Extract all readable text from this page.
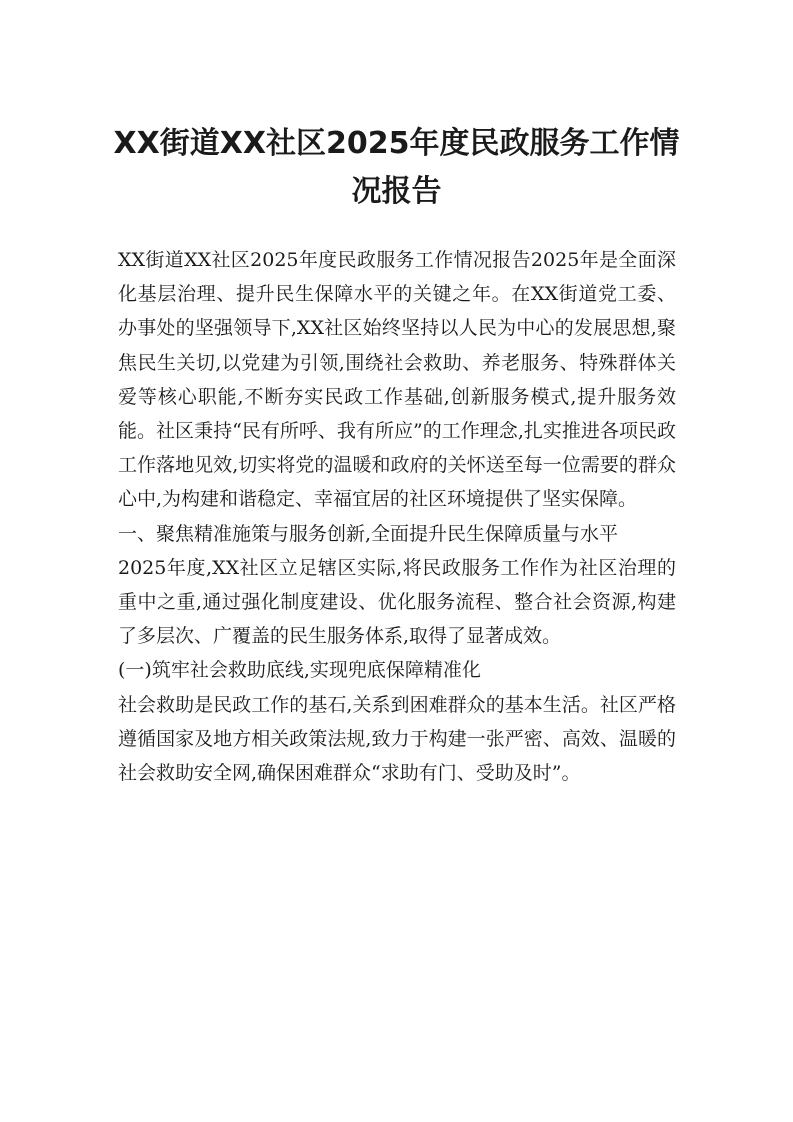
XX街道XX社区2025年度民政服务工作情
况报告

XX街道XX社区2025年度民政服务工作情况报告2025年是全面深化基层治理、提升民生保障水平的关键之年。在XX街道党工委、办事处的坚强领导下,XX社区始终坚持以人民为中心的发展思想,聚焦民生关切,以党建为引领,围绕社会救助、养老服务、特殊群体关爱等核心职能,不断夯实民政工作基础,创新服务模式,提升服务效能。社区秉持“民有所呼、我有所应”的工作理念,扎实推进各项民政工作落地见效,切实将党的温暖和政府的关怀送至每一位需要的群众心中,为构建和谐稳定、幸福宜居的社区环境提供了坚实保障。

一、聚焦精准施策与服务创新,全面提升民生保障质量与水平

2025年度,XX社区立足辖区实际,将民政服务工作作为社区治理的重中之重,通过强化制度建设、优化服务流程、整合社会资源,构建了多层次、广覆盖的民生服务体系,取得了显著成效。

(一)筑牢社会救助底线,实现兜底保障精准化

社会救助是民政工作的基石,关系到困难群众的基本生活。社区严格遵循国家及地方相关政策法规,致力于构建一张严密、高效、温暖的社会救助安全网,确保困难群众“求助有门、受助及时”。
